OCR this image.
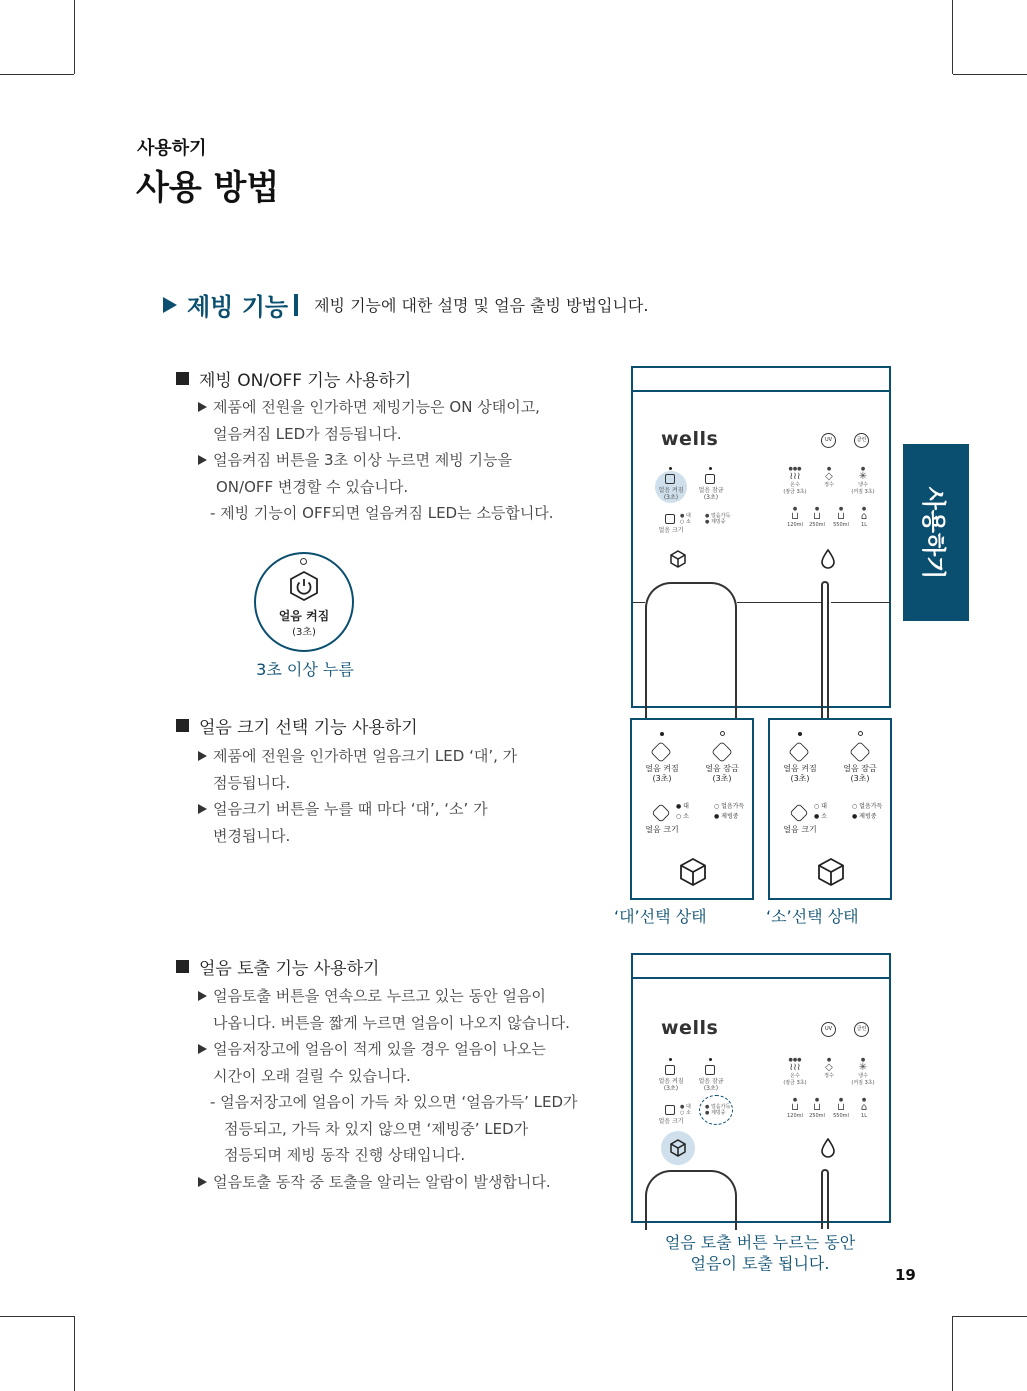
사용하기
사용 방법
제빙 기능 제빙 기능에 대한 설명 및 얼음 출빙 방법입니다.
제빙 ON/OFF 기능 사용하기
제품에 전원을 인가하면 제빙기능은 ON 상태이고,
얼음켜짐 LED가 점등됩니다.
얼음켜짐 버튼을 3초 이상 누르면 제빙 기능을
ON/OFF 변경할 수 있습니다.
- 제빙 기능이 OFF되면 얼음켜짐 LED는 소등합니다.
얼음 켜짐
(3초)
3초 이상 누름
얼음 크기 선택 기능 사용하기
제품에 전원을 인가하면 얼음크기 LED ‘대’, 가
점등됩니다.
얼음크기 버튼을 누를 때 마다 ‘대’, ‘소’ 가
변경됩니다.
얼음 토출 기능 사용하기
얼음토출 버튼을 연속으로 누르고 있는 동안 얼음이
나옵니다. 버튼을 짧게 누르면 얼음이 나오지 않습니다.
얼음저장고에 얼음이 적게 있을 경우 얼음이 나오는
시간이 오래 걸릴 수 있습니다.
- 얼음저장고에 얼음이 가득 차 있으면 ‘얼음가득’ LED가
점등되고, 가득 차 있지 않으면 ‘제빙중’ LED가
점등되며 제빙 동작 진행 상태입니다.
얼음토출 동작 중 토출을 알리는 알람이 발생합니다.
wells	UV	클린
얼음 켜짐
(3초)
얼음 잠금
(3초)
얼음 크기
● 대
○ 소
● 얼음가득
● 제빙중
●●●
≀≀≀
온수
(잠금 3초)
●
◇
정수
●
✳
냉수
(꺼짐 3초)
●
⊔
120ml
●
⊔
250ml
●
⊔
550ml
●
⌂
1L
얼음 켜짐
(3초)
얼음 잠금
(3초)
● 대
○ 소
○ 얼음가득
● 제빙중
얼음 크기
‘대’선택 상태
얼음 켜짐
(3초)
얼음 잠금
(3초)
○ 대
● 소
○ 얼음가득
● 제빙중
얼음 크기
‘소’선택 상태
wells	UV	클린
얼음 켜짐
(3초)
얼음 잠금
(3초)
얼음 크기
● 대
○ 소
● 얼음가득
● 제빙중
●●●
≀≀≀
온수
(잠금 3초)
●
◇
정수
●
✳
냉수
(꺼짐 3초)
●
⊔
120ml
●
⊔
250ml
●
⊔
550ml
●
⌂
1L
얼음 토출 버튼 누르는 동안
얼음이 토출 됩니다.
사용하기
19
